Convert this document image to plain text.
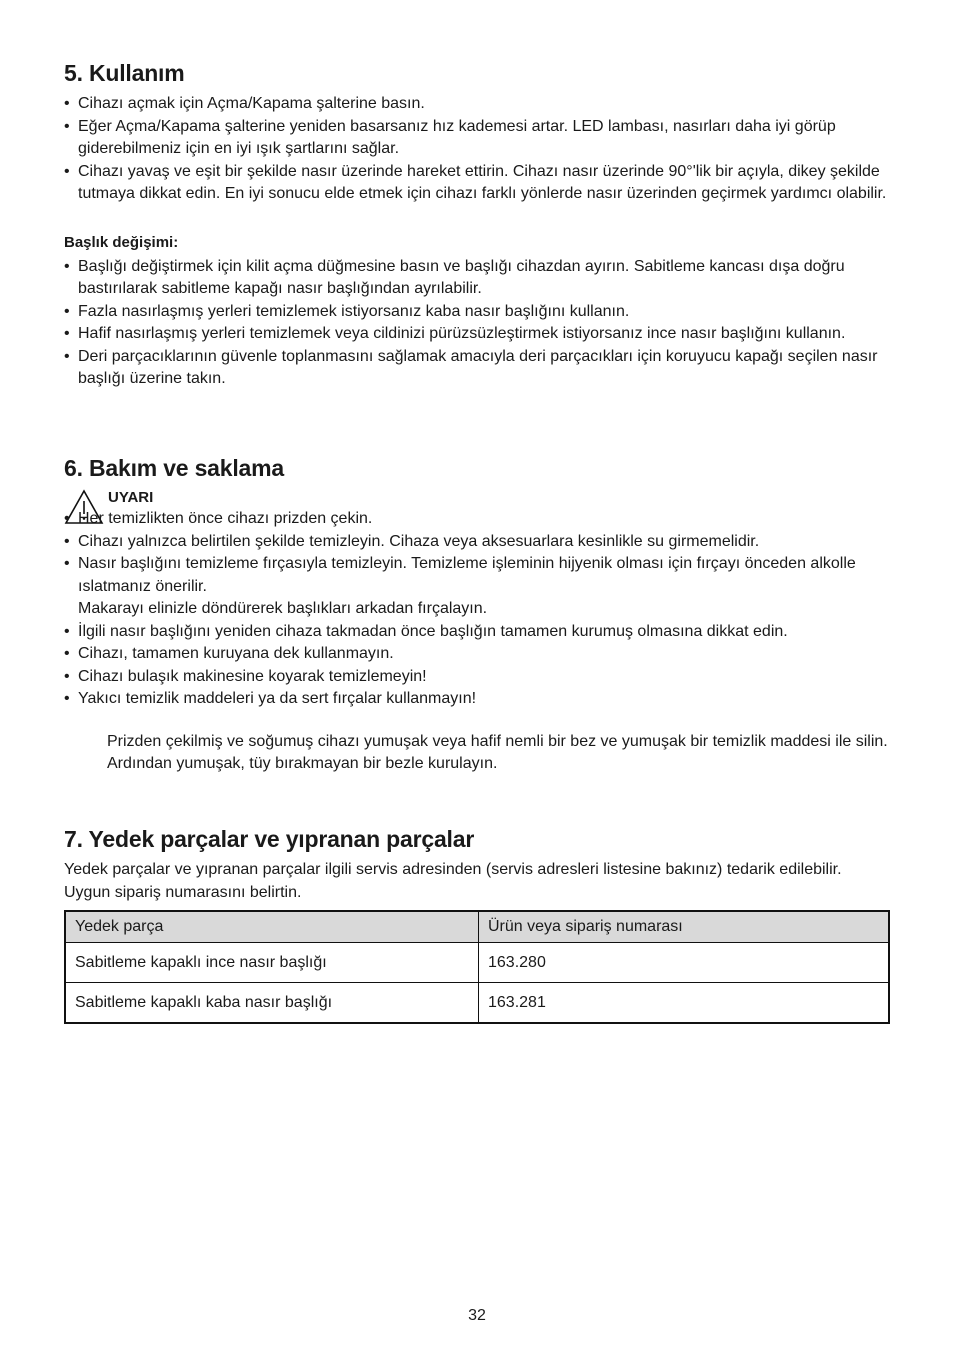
5. Kullanım
• Cihazı açmak için Açma/Kapama şalterine basın.
• Eğer Açma/Kapama şalterine yeniden basarsanız hız kademesi artar. LED lambası, nasırları daha iyi görüp giderebilmeniz için en iyi ışık şartlarını sağlar.
• Cihazı yavaş ve eşit bir şekilde nasır üzerinde hareket ettirin. Cihazı nasır üzerinde 90°'lik bir açıyla, dikey şekilde tutmaya dikkat edin. En iyi sonucu elde etmek için cihazı farklı yönlerde nasır üzerinden geçirmek yardımcı olabilir.
Başlık değişimi:
• Başlığı değiştirmek için kilit açma düğmesine basın ve başlığı cihazdan ayırın. Sabitleme kancası dışa doğru bastırılarak sabitleme kapağı nasır başlığından ayrılabilir.
• Fazla nasırlaşmış yerleri temizlemek istiyorsanız kaba nasır başlığını kullanın.
• Hafif nasırlaşmış yerleri temizlemek veya cildinizi pürüzsüzleştirmek istiyorsanız ince nasır başlığını kullanın.
• Deri parçacıklarının güvenle toplanmasını sağlamak amacıyla deri parçacıkları için koruyucu kapağı seçilen nasır başlığı üzerine takın.
6. Bakım ve saklama
UYARI
• Her temizlikten önce cihazı prizden çekin.
• Cihazı yalnızca belirtilen şekilde temizleyin. Cihaza veya aksesuarlara kesinlikle su girmemelidir.
• Nasır başlığını temizleme fırçasıyla temizleyin. Temizleme işleminin hijyenik olması için fırçayı önceden alkolle ıslatmanız önerilir.
Makarayı elinizle döndürerek başlıkları arkadan fırçalayın.
• İlgili nasır başlığını yeniden cihaza takmadan önce başlığın tamamen kurumuş olmasına dikkat edin.
• Cihazı, tamamen kuruyana dek kullanmayın.
• Cihazı bulaşık makinesine koyarak temizlemeyin!
• Yakıcı temizlik maddeleri ya da sert fırçalar kullanmayın!

Prizden çekilmiş ve soğumuş cihazı yumuşak veya hafif nemli bir bez ve yumuşak bir temizlik maddesi ile silin. Ardından yumuşak, tüy bırakmayan bir bezle kurulayın.

7. Yedek parçalar ve yıpranan parçalar

Yedek parçalar ve yıpranan parçalar ilgili servis adresinden (servis adresleri listesine bakınız) tedarik edilebilir. Uygun sipariş numarasını belirtin.

Yedek parça	Ürün veya sipariş numarası
Sabitleme kapaklı ince nasır başlığı	163.280
Sabitleme kapaklı kaba nasır başlığı	163.281
32
